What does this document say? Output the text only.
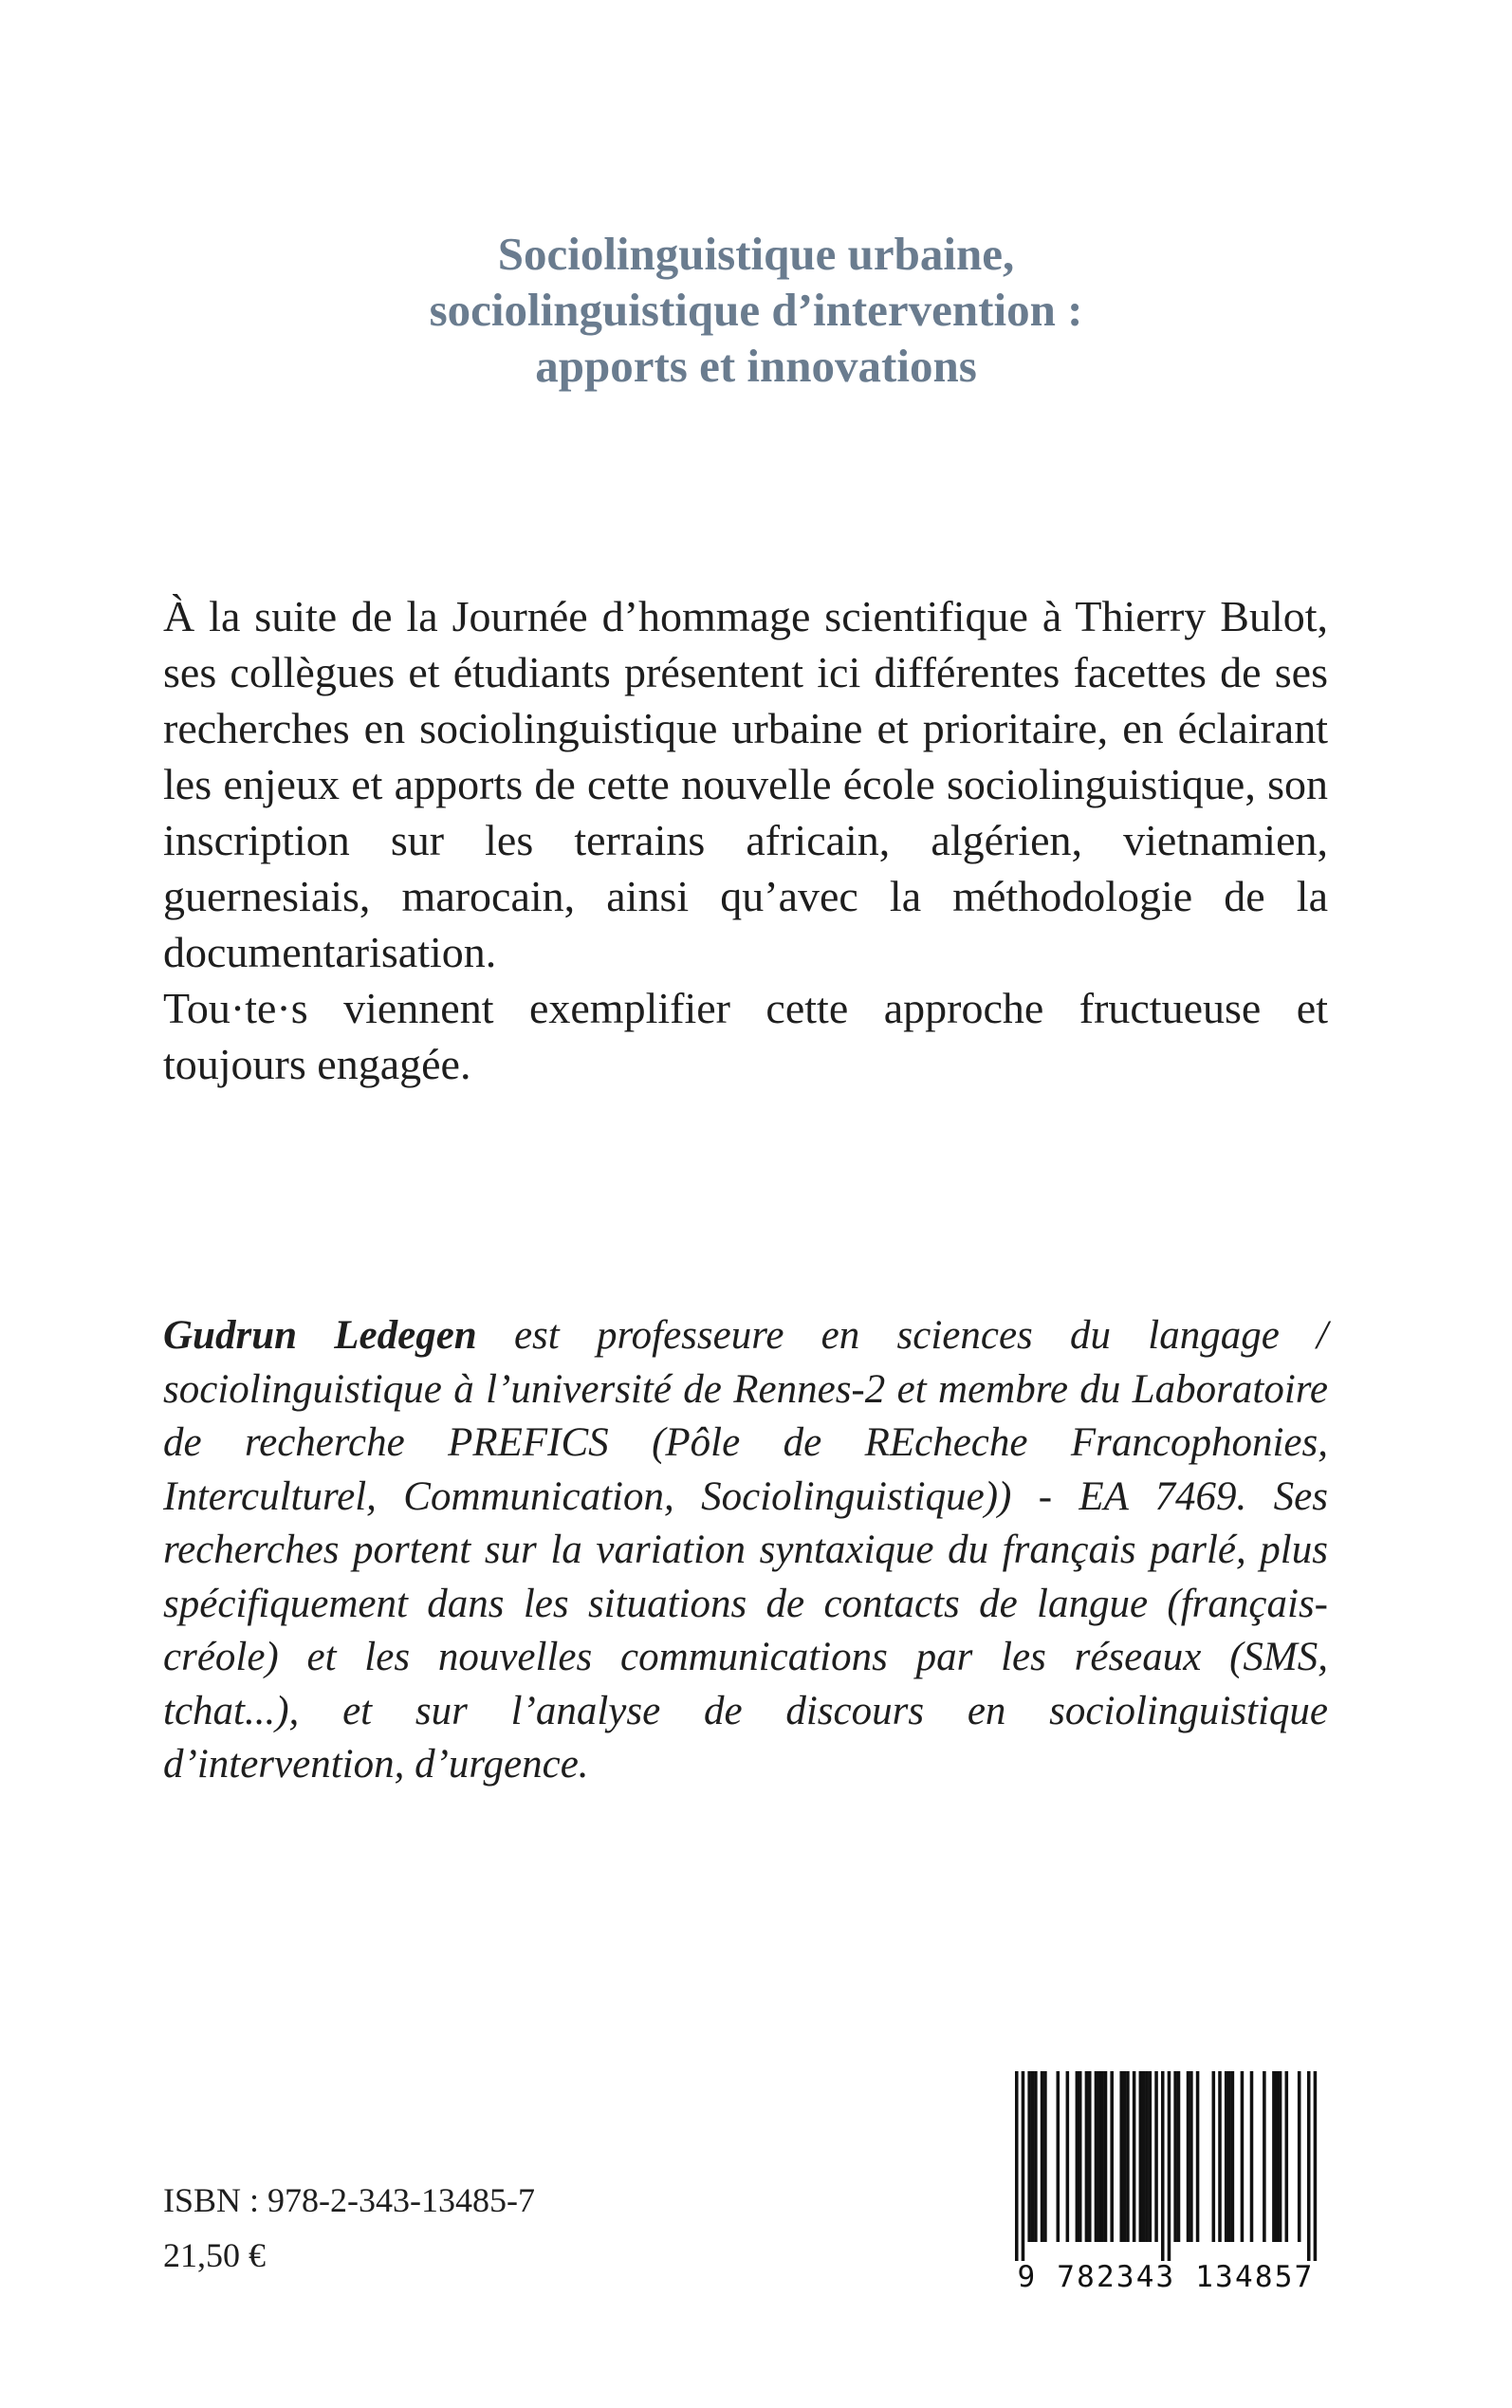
Sociolinguistique urbaine,
sociolinguistique d’intervention :
apports et innovations

À la suite de la Journée d’hommage scientifique à Thierry Bulot, ses collègues et étudiants présentent ici différentes facettes de ses recherches en sociolinguistique urbaine et prioritaire, en éclairant les enjeux et apports de cette nouvelle école sociolinguistique, son inscription sur les terrains africain, algérien, vietnamien, guernesiais, marocain, ainsi qu’avec la méthodologie de la documentarisation.

Tou·te·s viennent exemplifier cette approche fructueuse et toujours engagée.

Gudrun Ledegen est professeure en sciences du langage / sociolinguistique à l’université de Rennes-2 et membre du Laboratoire de recherche PREFICS (Pôle de REcheche Francophonies, Interculturel, Communication, Sociolinguistique)) - EA 7469. Ses recherches portent sur la variation syntaxique du français parlé, plus spécifiquement dans les situations de contacts de langue (français-créole) et les nouvelles communications par les réseaux (SMS, tchat...), et sur l’analyse de discours en sociolinguistique d’intervention, d’urgence.
ISBN : 978-2-343-13485-7
21,50 €
9 782343 134857
